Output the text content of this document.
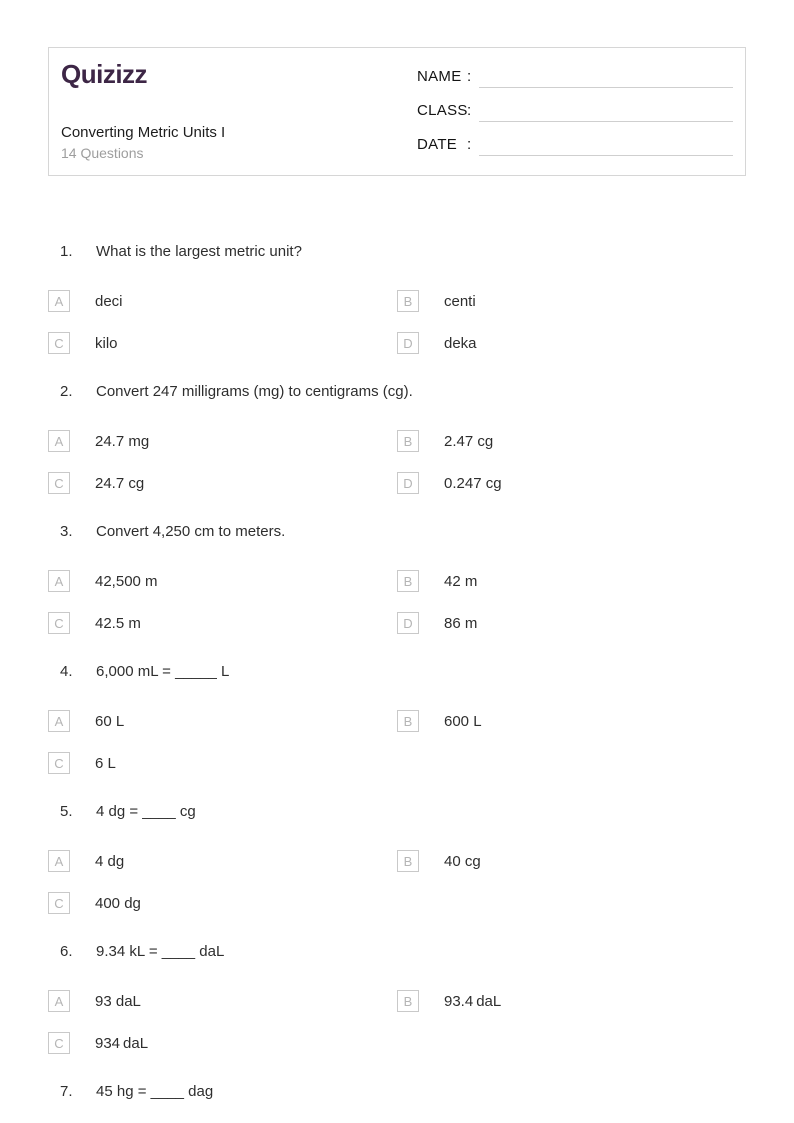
Quizizz
Converting Metric Units I
14 Questions
NAME :
CLASS :
DATE :
1. What is the largest metric unit?
A	deci	B	centi
C	kilo	D	deka
2. Convert 247 milligrams (mg) to centigrams (cg).
A	24.7 mg	B	2.47 cg
C	24.7 cg	D	0.247 cg
3. Convert 4,250 cm to meters.
A	42,500 m	B	42 m
C	42.5 m	D	86 m
4. 6,000 mL = _____ L
A	60 L	B	600 L
C	6 L
5. 4 dg = ____ cg
A	4 dg	B	40 cg
C	400 dg
6. 9.34 kL = ____ daL
A	93 daL	B	93.4 daL
C	934 daL
7. 45 hg = ____ dag
